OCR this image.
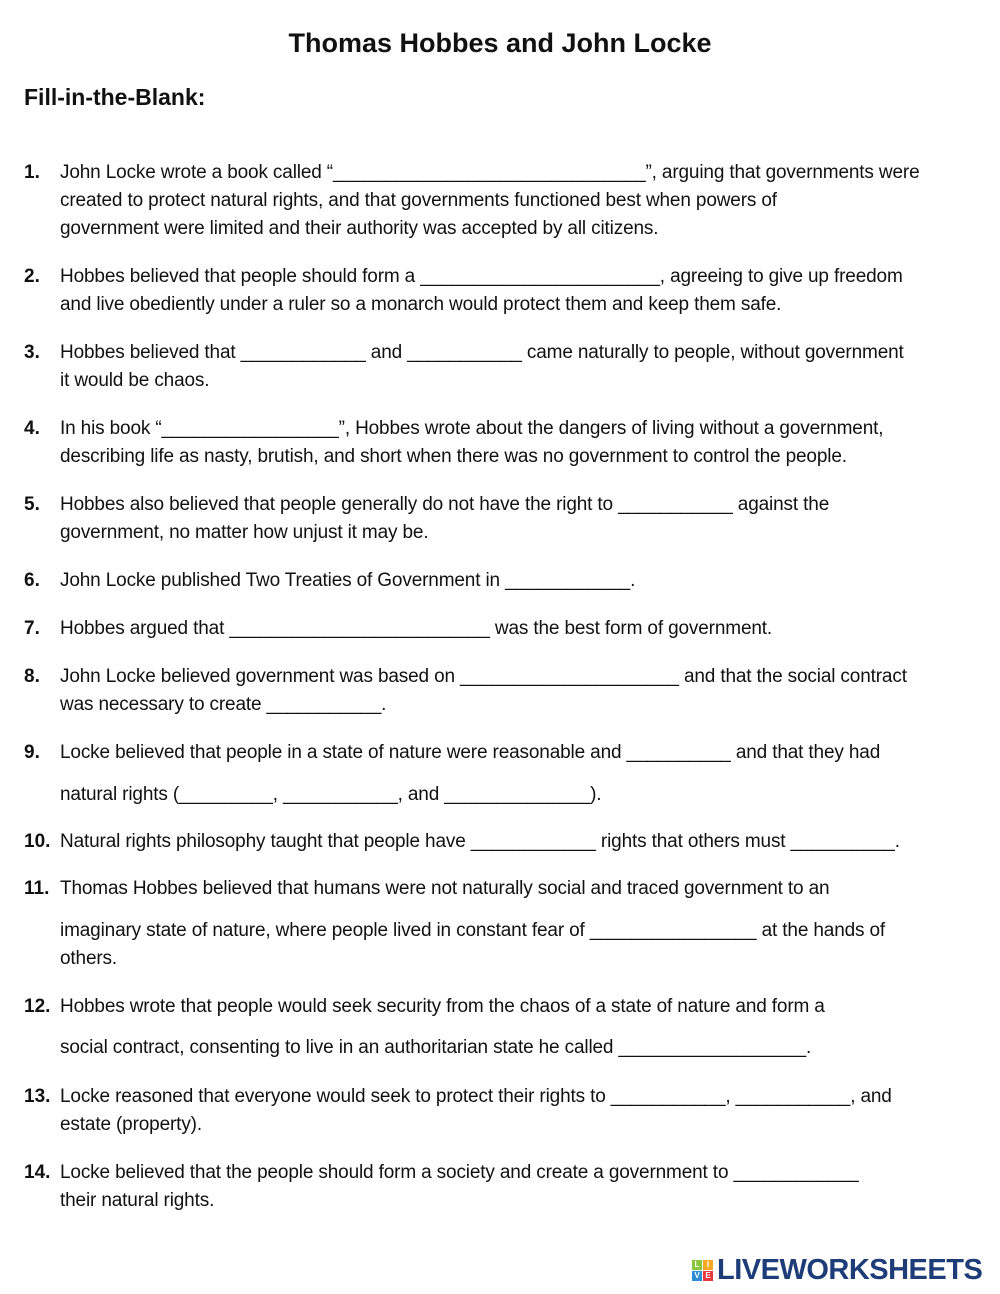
Thomas Hobbes and John Locke
Fill-in-the-Blank:
1. John Locke wrote a book called “______________________________”, arguing that governments were
created to protect natural rights, and that governments functioned best when powers of
government were limited and their authority was accepted by all citizens.
2. Hobbes believed that people should form a _______________________, agreeing to give up freedom
and live obediently under a ruler so a monarch would protect them and keep them safe.
3. Hobbes believed that ____________ and ___________ came naturally to people, without government
it would be chaos.
4. In his book “_________________”, Hobbes wrote about the dangers of living without a government,
describing life as nasty, brutish, and short when there was no government to control the people.
5. Hobbes also believed that people generally do not have the right to ___________ against the
government, no matter how unjust it may be.
6. John Locke published Two Treaties of Government in ____________.
7. Hobbes argued that _________________________ was the best form of government.
8. John Locke believed government was based on _____________________ and that the social contract
was necessary to create ___________.
9. Locke believed that people in a state of nature were reasonable and __________ and that they had
natural rights (_________, ___________, and ______________).
10. Natural rights philosophy taught that people have ____________ rights that others must __________.
11. Thomas Hobbes believed that humans were not naturally social and traced government to an
imaginary state of nature, where people lived in constant fear of ________________ at the hands of
others.
12. Hobbes wrote that people would seek security from the chaos of a state of nature and form a
social contract, consenting to live in an authoritarian state he called __________________.
13. Locke reasoned that everyone would seek to protect their rights to ___________, ___________, and
estate (property).
14. Locke believed that the people should form a society and create a government to ____________
their natural rights.
L I
V E LIVEWORKSHEETS
